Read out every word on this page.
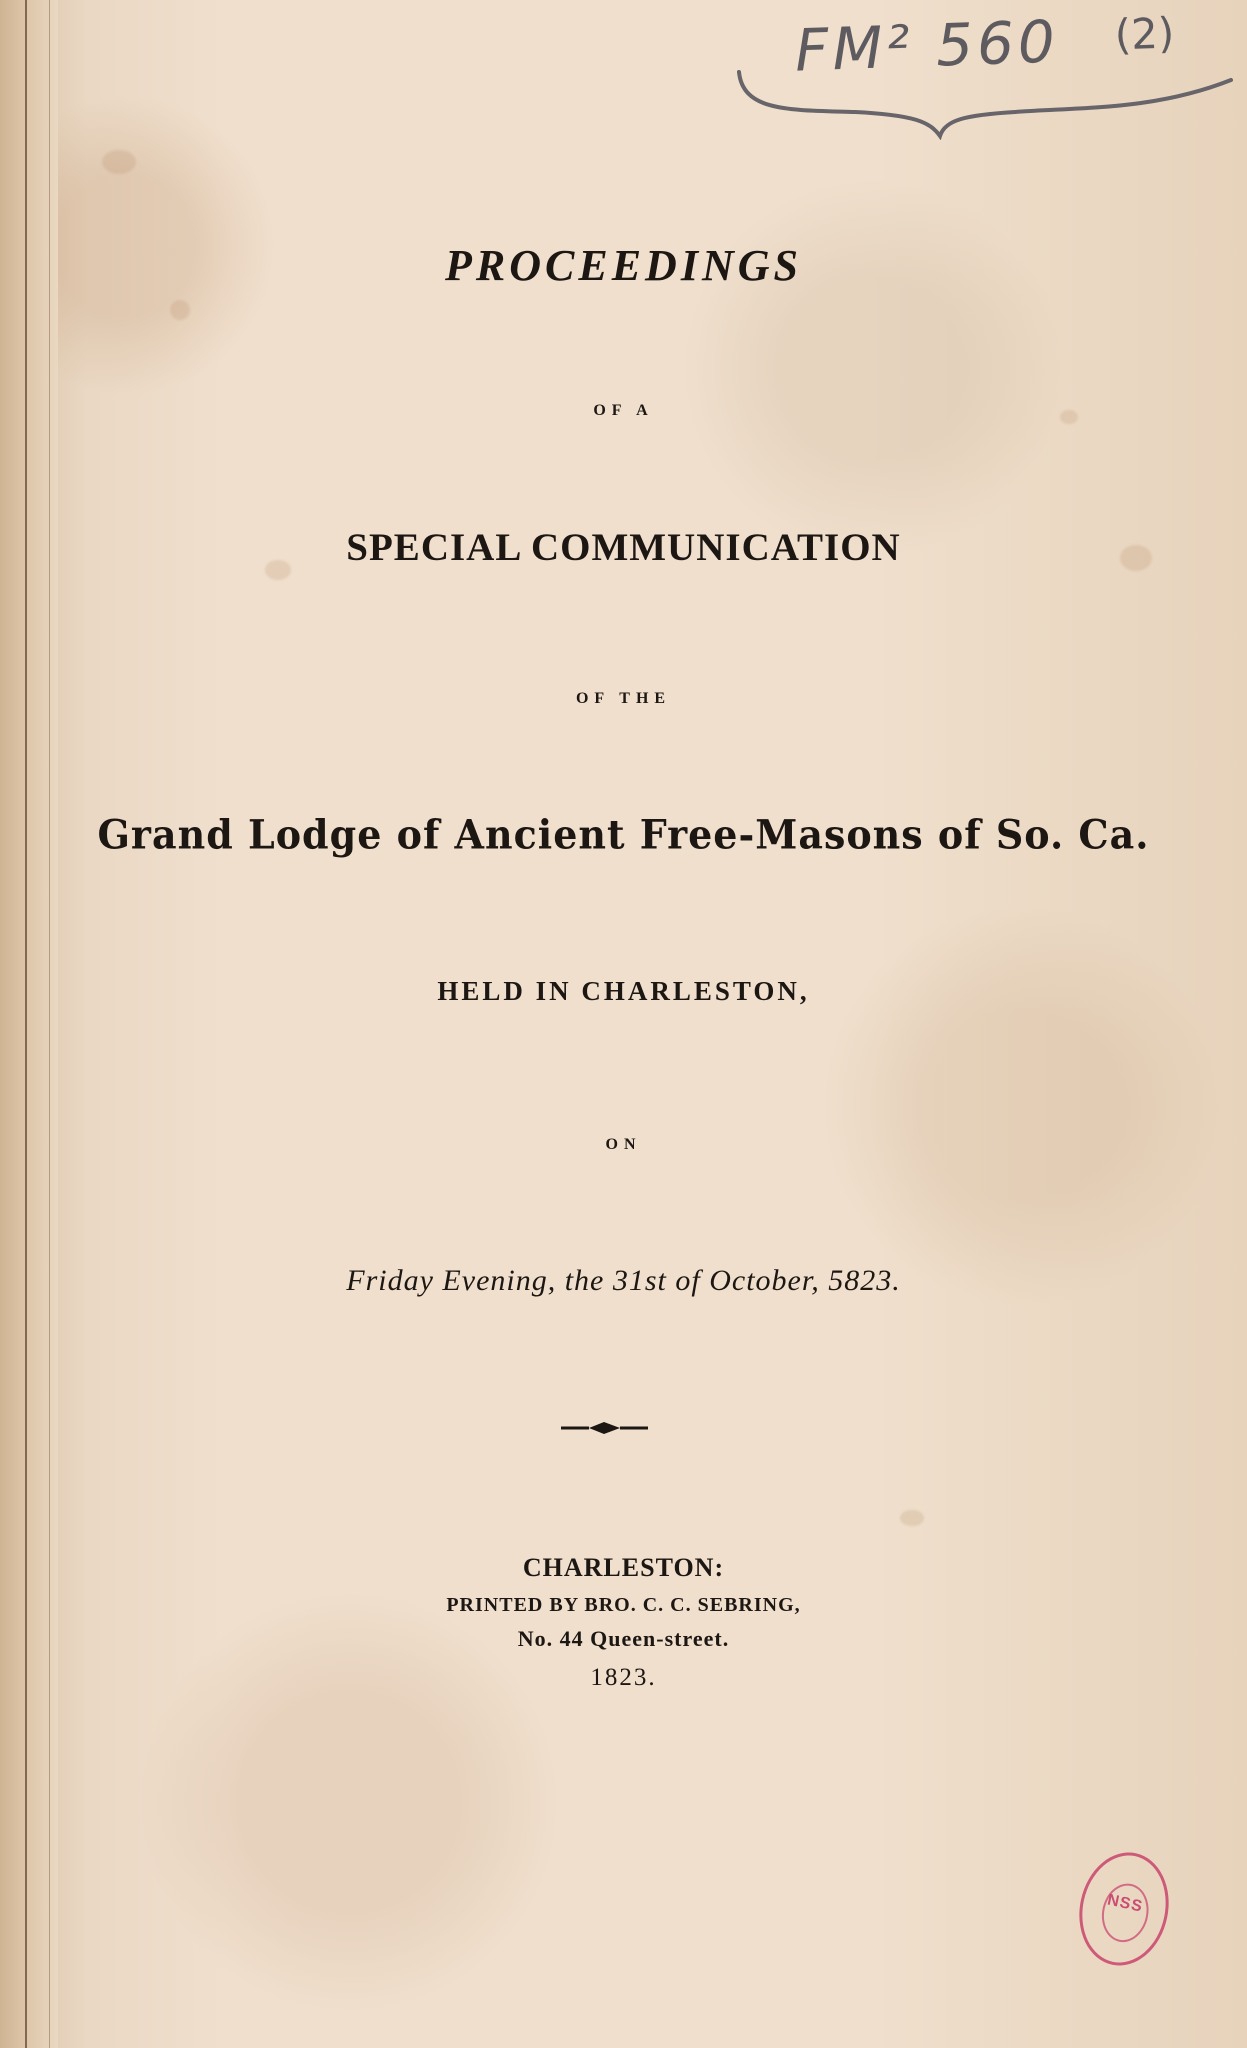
FM² 560 (2)
PROCEEDINGS
OF A
SPECIAL COMMUNICATION
OF THE
Grand Lodge of Ancient Free-Masons of So. Ca.
HELD IN CHARLESTON,
ON
Friday Evening, the 31st of October, 5823.
CHARLESTON:
PRINTED BY BRO. C. C. SEBRING,
No. 44 Queen-street.
1823.
NSS
